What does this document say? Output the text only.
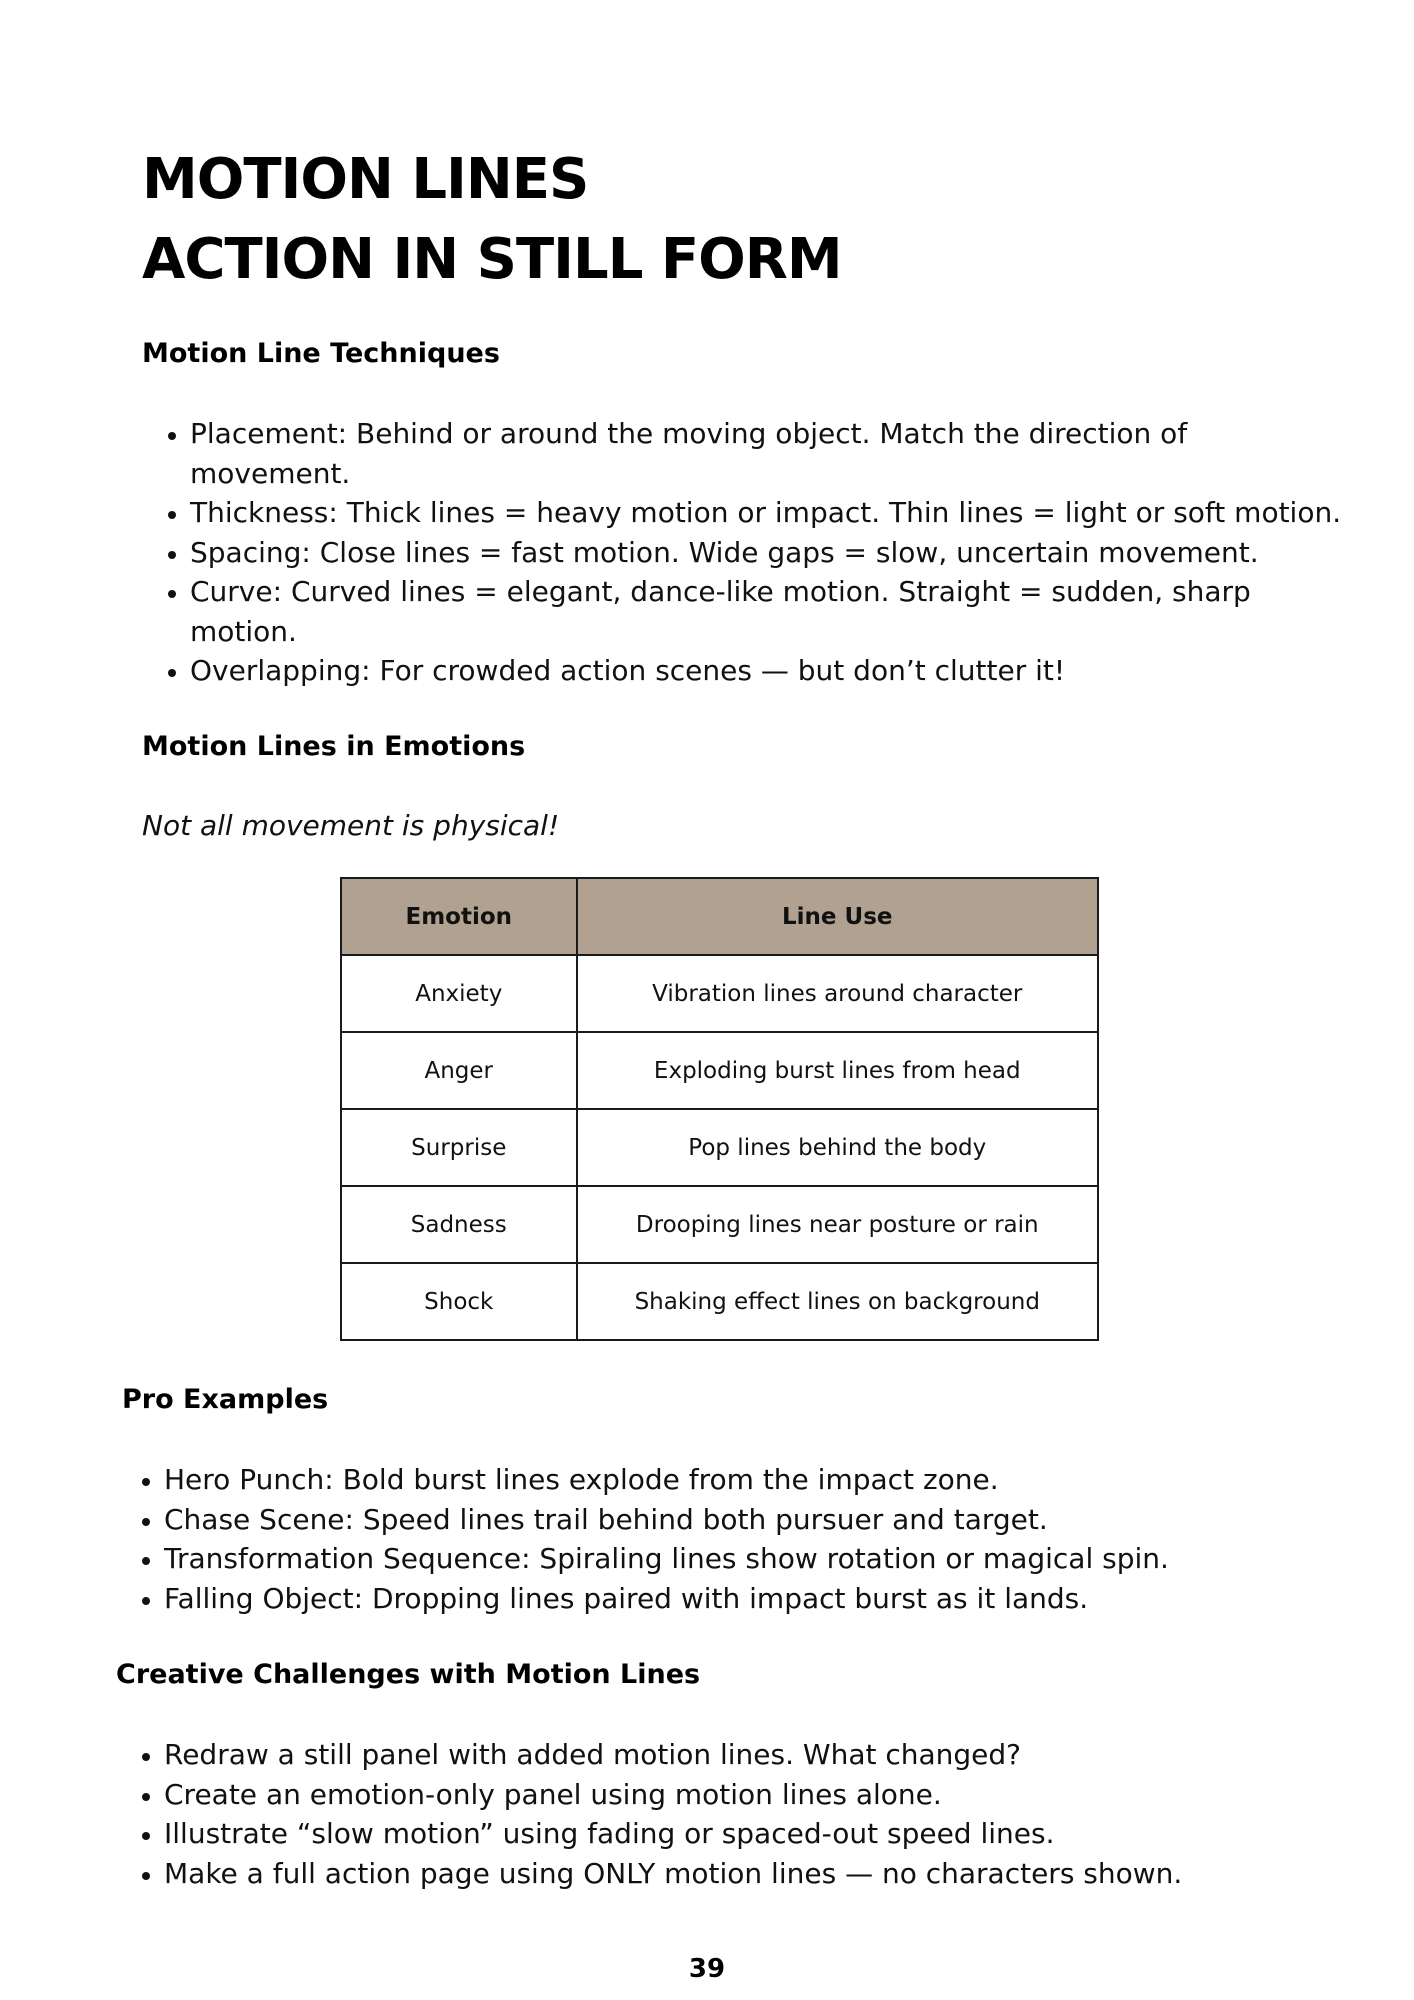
MOTION LINES
ACTION IN STILL FORM
Motion Line Techniques
• Placement: Behind or around the moving object. Match the direction of movement.
• Thickness: Thick lines = heavy motion or impact. Thin lines = light or soft motion.
• Spacing: Close lines = fast motion. Wide gaps = slow, uncertain movement.
• Curve: Curved lines = elegant, dance-like motion. Straight = sudden, sharp motion.
• Overlapping: For crowded action scenes — but don’t clutter it!
Motion Lines in Emotions

Not all movement is physical!

Emotion	Line Use
Anxiety	Vibration lines around character
Anger	Exploding burst lines from head
Surprise	Pop lines behind the body
Sadness	Drooping lines near posture or rain
Shock	Shaking effect lines on background
Pro Examples
• Hero Punch: Bold burst lines explode from the impact zone.
• Chase Scene: Speed lines trail behind both pursuer and target.
• Transformation Sequence: Spiraling lines show rotation or magical spin.
• Falling Object: Dropping lines paired with impact burst as it lands.
Creative Challenges with Motion Lines
• Redraw a still panel with added motion lines. What changed?
• Create an emotion-only panel using motion lines alone.
• Illustrate “slow motion” using fading or spaced-out speed lines.
• Make a full action page using ONLY motion lines — no characters shown.
39
